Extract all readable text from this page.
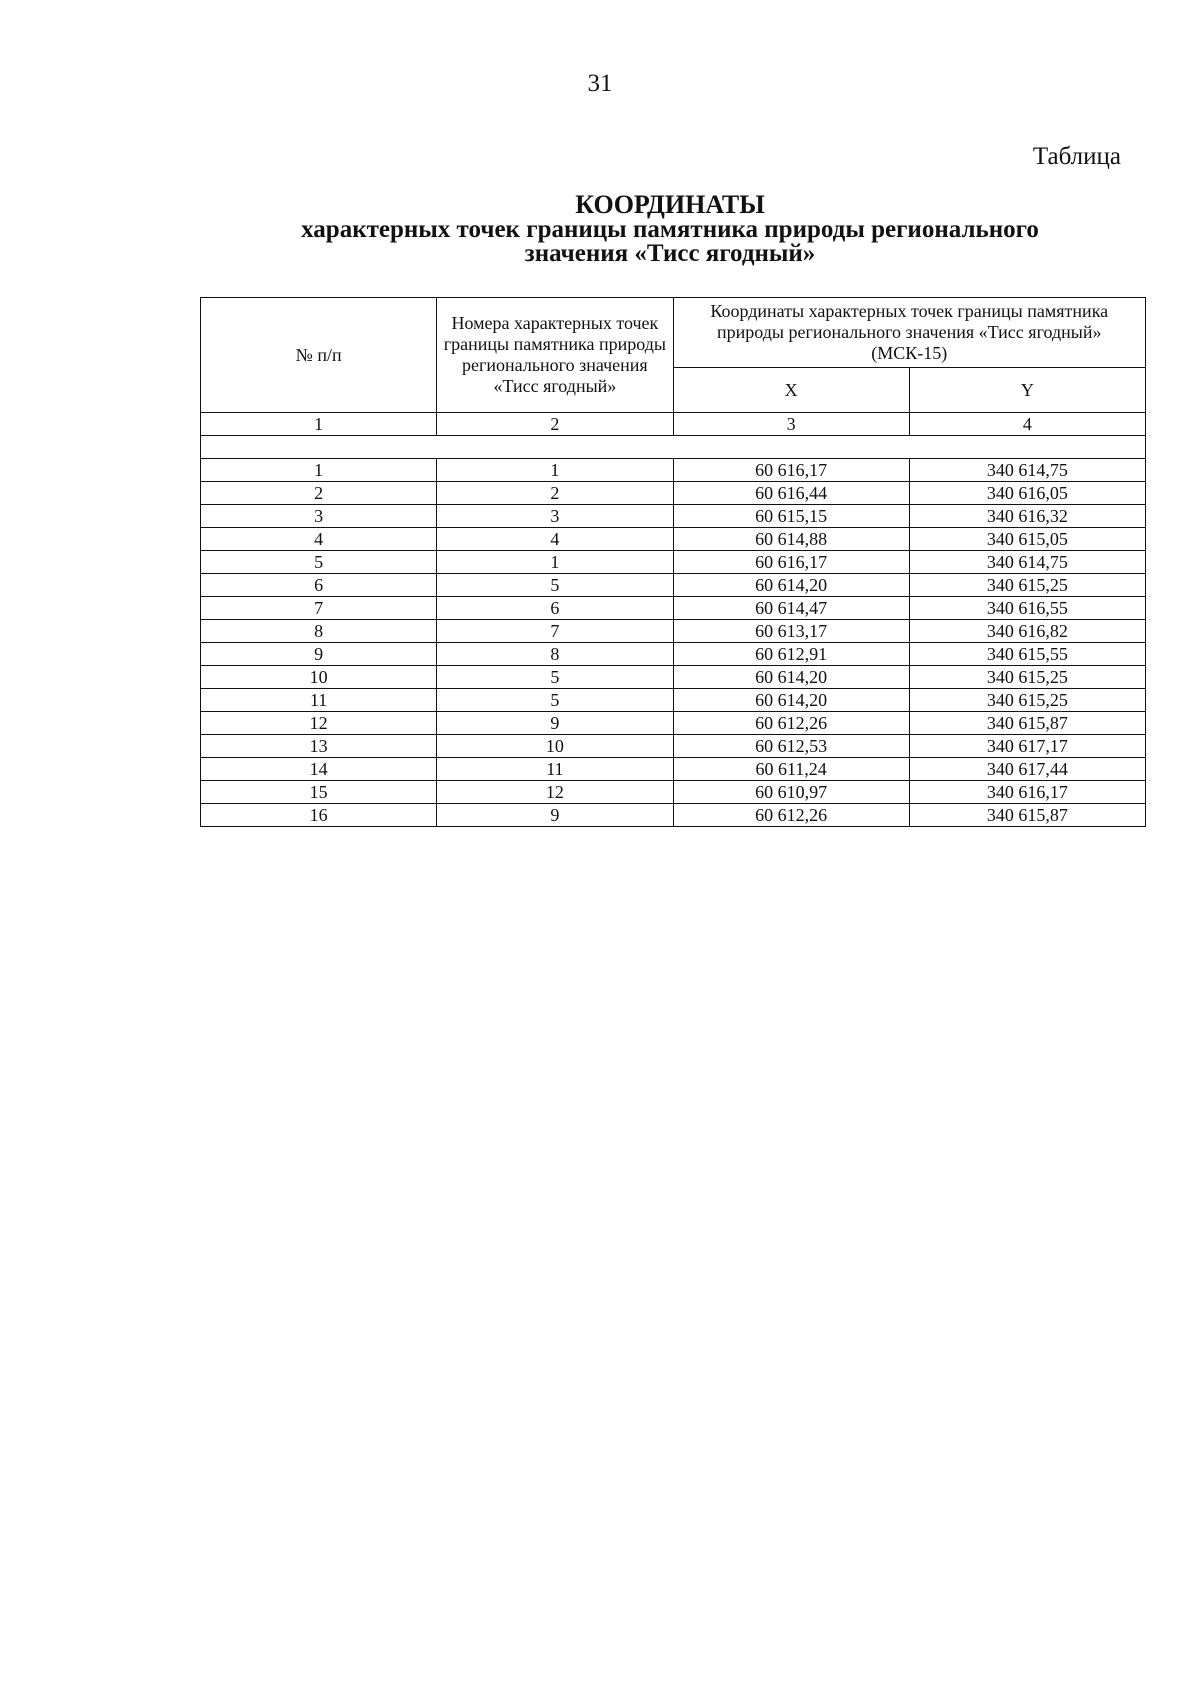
31
Таблица
КООРДИНАТЫ
характерных точек границы памятника природы регионального
значения «Тисс ягодный»
№ п/п	Номера характерных точек границы памятника природы регионального значения «Тисс ягодный»	Координаты характерных точек границы памятника природы регионального значения «Тисс ягодный» (МСК-15)	
		X	Y
1	2	3	4

1	1	60 616,17	340 614,75
2	2	60 616,44	340 616,05
3	3	60 615,15	340 616,32
4	4	60 614,88	340 615,05
5	1	60 616,17	340 614,75
6	5	60 614,20	340 615,25
7	6	60 614,47	340 616,55
8	7	60 613,17	340 616,82
9	8	60 612,91	340 615,55
10	5	60 614,20	340 615,25
11	5	60 614,20	340 615,25
12	9	60 612,26	340 615,87
13	10	60 612,53	340 617,17
14	11	60 611,24	340 617,44
15	12	60 610,97	340 616,17
16	9	60 612,26	340 615,87
